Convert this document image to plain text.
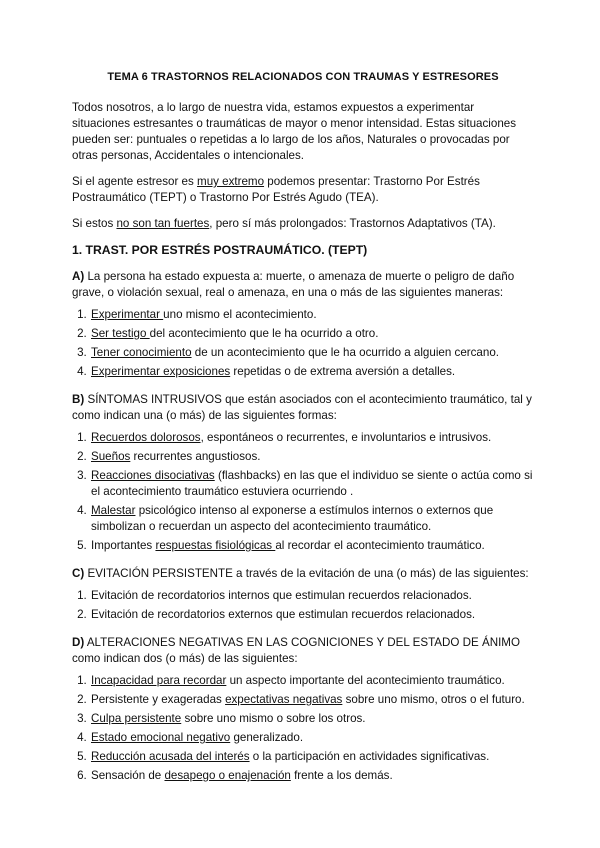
TEMA 6 TRASTORNOS RELACIONADOS CON TRAUMAS Y ESTRESORES

Todos nosotros, a lo largo de nuestra vida, estamos expuestos a experimentar situaciones estresantes o traumáticas de mayor o menor intensidad. Estas situaciones pueden ser: puntuales o repetidas a lo largo de los años, Naturales o provocadas por otras personas, Accidentales o intencionales.

Si el agente estresor es muy extremo podemos presentar: Trastorno Por Estrés Postraumático (TEPT) o Trastorno Por Estrés Agudo (TEA).

Si estos no son tan fuertes, pero sí más prolongados: Trastornos Adaptativos (TA).

1. TRAST. POR ESTRÉS POSTRAUMÁTICO. (TEPT)

A) La persona ha estado expuesta a: muerte, o amenaza de muerte o peligro de daño grave, o violación sexual, real o amenaza, en una o más de las siguientes maneras:

1. Experimentar uno mismo el acontecimiento.
2. Ser testigo del acontecimiento que le ha ocurrido a otro.
3. Tener conocimiento de un acontecimiento que le ha ocurrido a alguien cercano.
4. Experimentar exposiciones repetidas o de extrema aversión a detalles.

B) SÍNTOMAS INTRUSIVOS que están asociados con el acontecimiento traumático, tal y como indican una (o más) de las siguientes formas:

1. Recuerdos dolorosos, espontáneos o recurrentes, e involuntarios e intrusivos.
2. Sueños recurrentes angustiosos.
3. Reacciones disociativas (flashbacks) en las que el individuo se siente o actúa como si el acontecimiento traumático estuviera ocurriendo .
4. Malestar psicológico intenso al exponerse a estímulos internos o externos que simbolizan o recuerdan un aspecto del acontecimiento traumático.
5. Importantes respuestas fisiológicas al recordar el acontecimiento traumático.

C) EVITACIÓN PERSISTENTE a través de la evitación de una (o más) de las siguientes:

1. Evitación de recordatorios internos que estimulan recuerdos relacionados.
2. Evitación de recordatorios externos que estimulan recuerdos relacionados.

D) ALTERACIONES NEGATIVAS EN LAS COGNICIONES Y DEL ESTADO DE ÁNIMO como indican dos (o más) de las siguientes:

1. Incapacidad para recordar un aspecto importante del acontecimiento traumático.
2. Persistente y exageradas expectativas negativas sobre uno mismo, otros o el futuro.
3. Culpa persistente sobre uno mismo o sobre los otros.
4. Estado emocional negativo generalizado.
5. Reducción acusada del interés o la participación en actividades significativas.
6. Sensación de desapego o enajenación frente a los demás.
